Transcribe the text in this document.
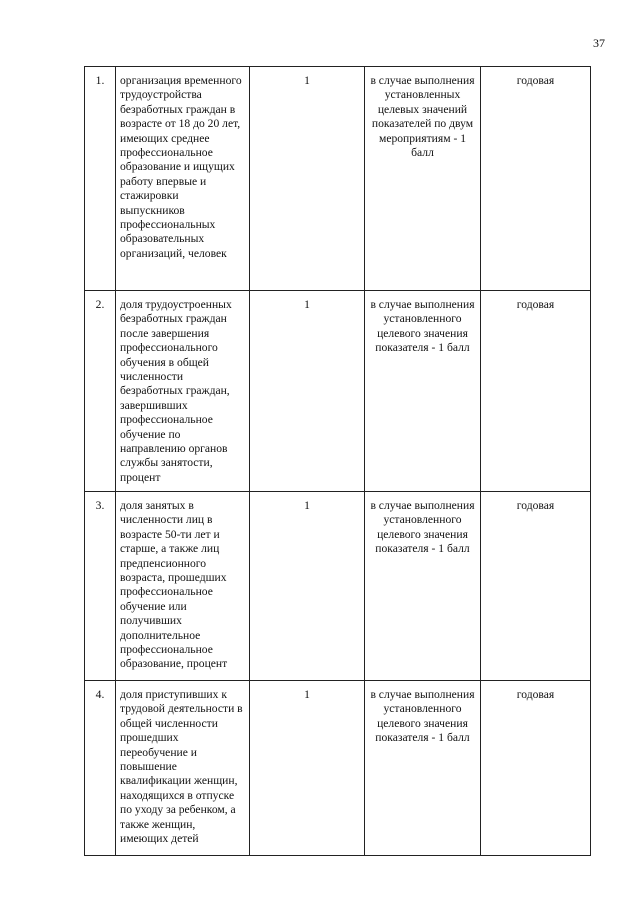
37
1.	организация временного трудоустройства безработных граждан в возрасте от 18 до 20 лет, имеющих среднее профессиональное образование и ищущих работу впервые и стажировки выпускников профессиональных образовательных организаций, человек	1	в случае выполнения установленных целевых значений показателей по двум мероприятиям - 1 балл	годовая
2.	доля трудоустроенных безработных граждан после завершения профессионального обучения в общей численности безработных граждан, завершивших профессиональное обучение по направлению органов службы занятости, процент	1	в случае выполнения установленного целевого значения показателя - 1 балл	годовая
3.	доля занятых в численности лиц в возрасте 50-ти лет и старше, а также лиц предпенсионного возраста, прошедших профессиональное обучение или получивших дополнительное профессиональное образование, процент	1	в случае выполнения установленного целевого значения показателя - 1 балл	годовая
4.	доля приступивших к трудовой деятельности в общей численности прошедших переобучение и повышение квалификации женщин, находящихся в отпуске по уходу за ребенком, а также женщин, имеющих детей	1	в случае выполнения установленного целевого значения показателя - 1 балл	годовая
